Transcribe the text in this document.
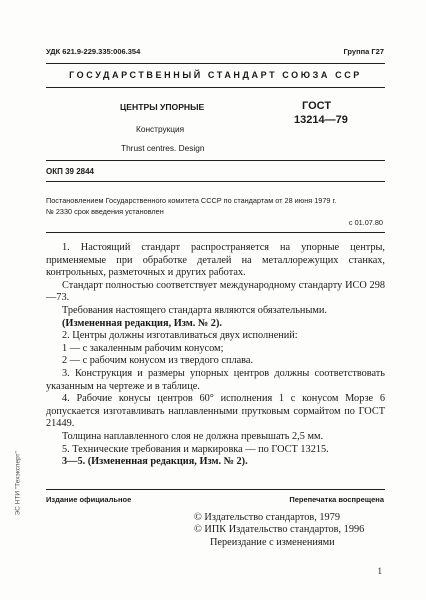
УДК 621.9-229.335:006.354	Группа Г27
ГОСУДАРСТВЕННЫЙ СТАНДАРТ СОЮЗА ССР
ЦЕНТРЫ УПОРНЫЕ
Конструкция
Thrust centres. Design
ГОСТ
13214—79
ОКП 39 2844
Постановлением Государственного комитета СССР по стандартам от 28 июня 1979 г.
№ 2330 срок введения установлен
с 01.07.80

1. Настоящий стандарт распространяется на упорные центры, применяемые при обработке деталей на металлорежущих станках, контрольных, разметочных и других работах.

Стандарт полностью соответствует международному стандарту ИСО 298—73.

Требования настоящего стандарта являются обязательными.

(Измененная редакция, Изм. № 2).

2. Центры должны изготавливаться двух исполнений:

1 — с закаленным рабочим конусом;

2 — с рабочим конусом из твердого сплава.

3. Конструкция и размеры упорных центров должны соответствовать указанным на чертеже и в таблице.

4. Рабочие конусы центров 60° исполнения 1 с конусом Морзе 6 допускается изготавливать наплавленными прутковым сормайтом по ГОСТ 21449.

Толщина наплавленного слоя не должна превышать 2,5 мм.

5. Технические требования и маркировка — по ГОСТ 13215.

3—5. (Измененная редакция, Изм. № 2).

Издание официальное	Перепечатка воспрещена
© Издательство стандартов, 1979
© ИПК Издательство стандартов, 1996
Переиздание с изменениями
1
ЭС НТИ "Техэксперт"
